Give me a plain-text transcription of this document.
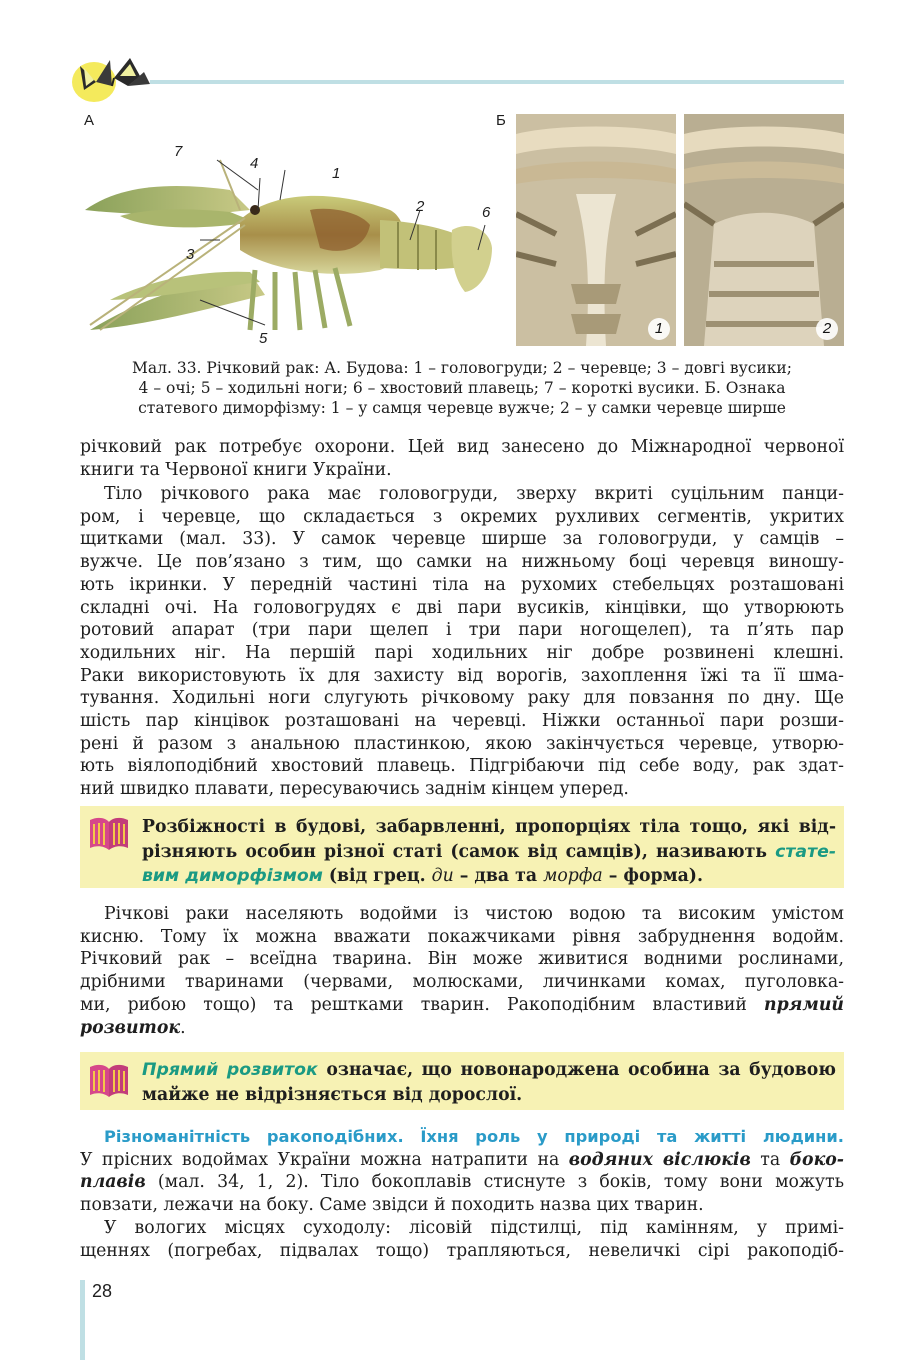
А
7
4
1
2	6
3
5
Б
1	2
Мал. 33. Річковий рак: А. Будова: 1 – головогруди; 2 – черевце; 3 – довгі вусики;
4 – очі; 5 – ходильні ноги; 6 – хвостовий плавець; 7 – короткі вусики. Б. Ознака
статевого диморфізму: 1 – у самця черевце вужче; 2 – у самки черевце ширше
річковий рак потребує охорони. Цей вид занесено до Міжнародної червоної
книги та Червоної книги України.
Тіло річкового рака має головогруди, зверху вкриті суцільним панци-
ром, і черевце, що складається з окремих рухливих сегментів, укритих
щитками (мал. 33). У самок черевце ширше за головогруди, у самців –
вужче. Це пов’язано з тим, що самки на нижньому боці черевця виношу-
ють ікринки. У передній частині тіла на рухомих стебельцях розташовані
складні очі. На головогрудях є дві пари вусиків, кінцівки, що утворюють
ротовий апарат (три пари щелеп і три пари ногощелеп), та п’ять пар
ходильних ніг. На першій парі ходильних ніг добре розвинені клешні.
Раки використовують їх для захисту від ворогів, захоплення їжі та її шма-
тування. Ходильні ноги слугують річковому раку для повзання по дну. Ще
шість пар кінцівок розташовані на черевці. Ніжки останньої пари розши-
рені й разом з анальною пластинкою, якою закінчується черевце, утворю-
ють віялоподібний хвостовий плавець. Підгрібаючи під себе воду, рак здат-
ний швидко плавати, пересуваючись заднім кінцем уперед.
Розбіжності в будові, забарвленні, пропорціях тіла тощо, які від-
різняють особин різної статі (самок від самців), називають стате-
вим диморфізмом (від грец. ди – два та морфа – форма).
Річкові раки населяють водойми із чистою водою та високим умістом
кисню. Тому їх можна вважати покажчиками рівня забруднення водойм.
Річковий рак – всеїдна тварина. Він може живитися водними рослинами,
дрібними тваринами (червами, молюсками, личинками комах, пуголовка-
ми, рибою тощо) та рештками тварин. Ракоподібним властивий прямий
розвиток.
Прямий розвиток означає, що новонароджена особина за будовою
майже не відрізняється від дорослої.
Різноманітність ракоподібних. Їхня роль у природі та житті людини.
У прісних водоймах України можна натрапити на водяних віслюків та боко-
плавів (мал. 34, 1, 2). Тіло бокоплавів стиснуте з боків, тому вони можуть
повзати, лежачи на боку. Саме звідси й походить назва цих тварин.
У вологих місцях суходолу: лісовій підстилці, під камінням, у примі-
щеннях (погребах, підвалах тощо) трапляються, невеличкі сірі ракоподіб-
28
